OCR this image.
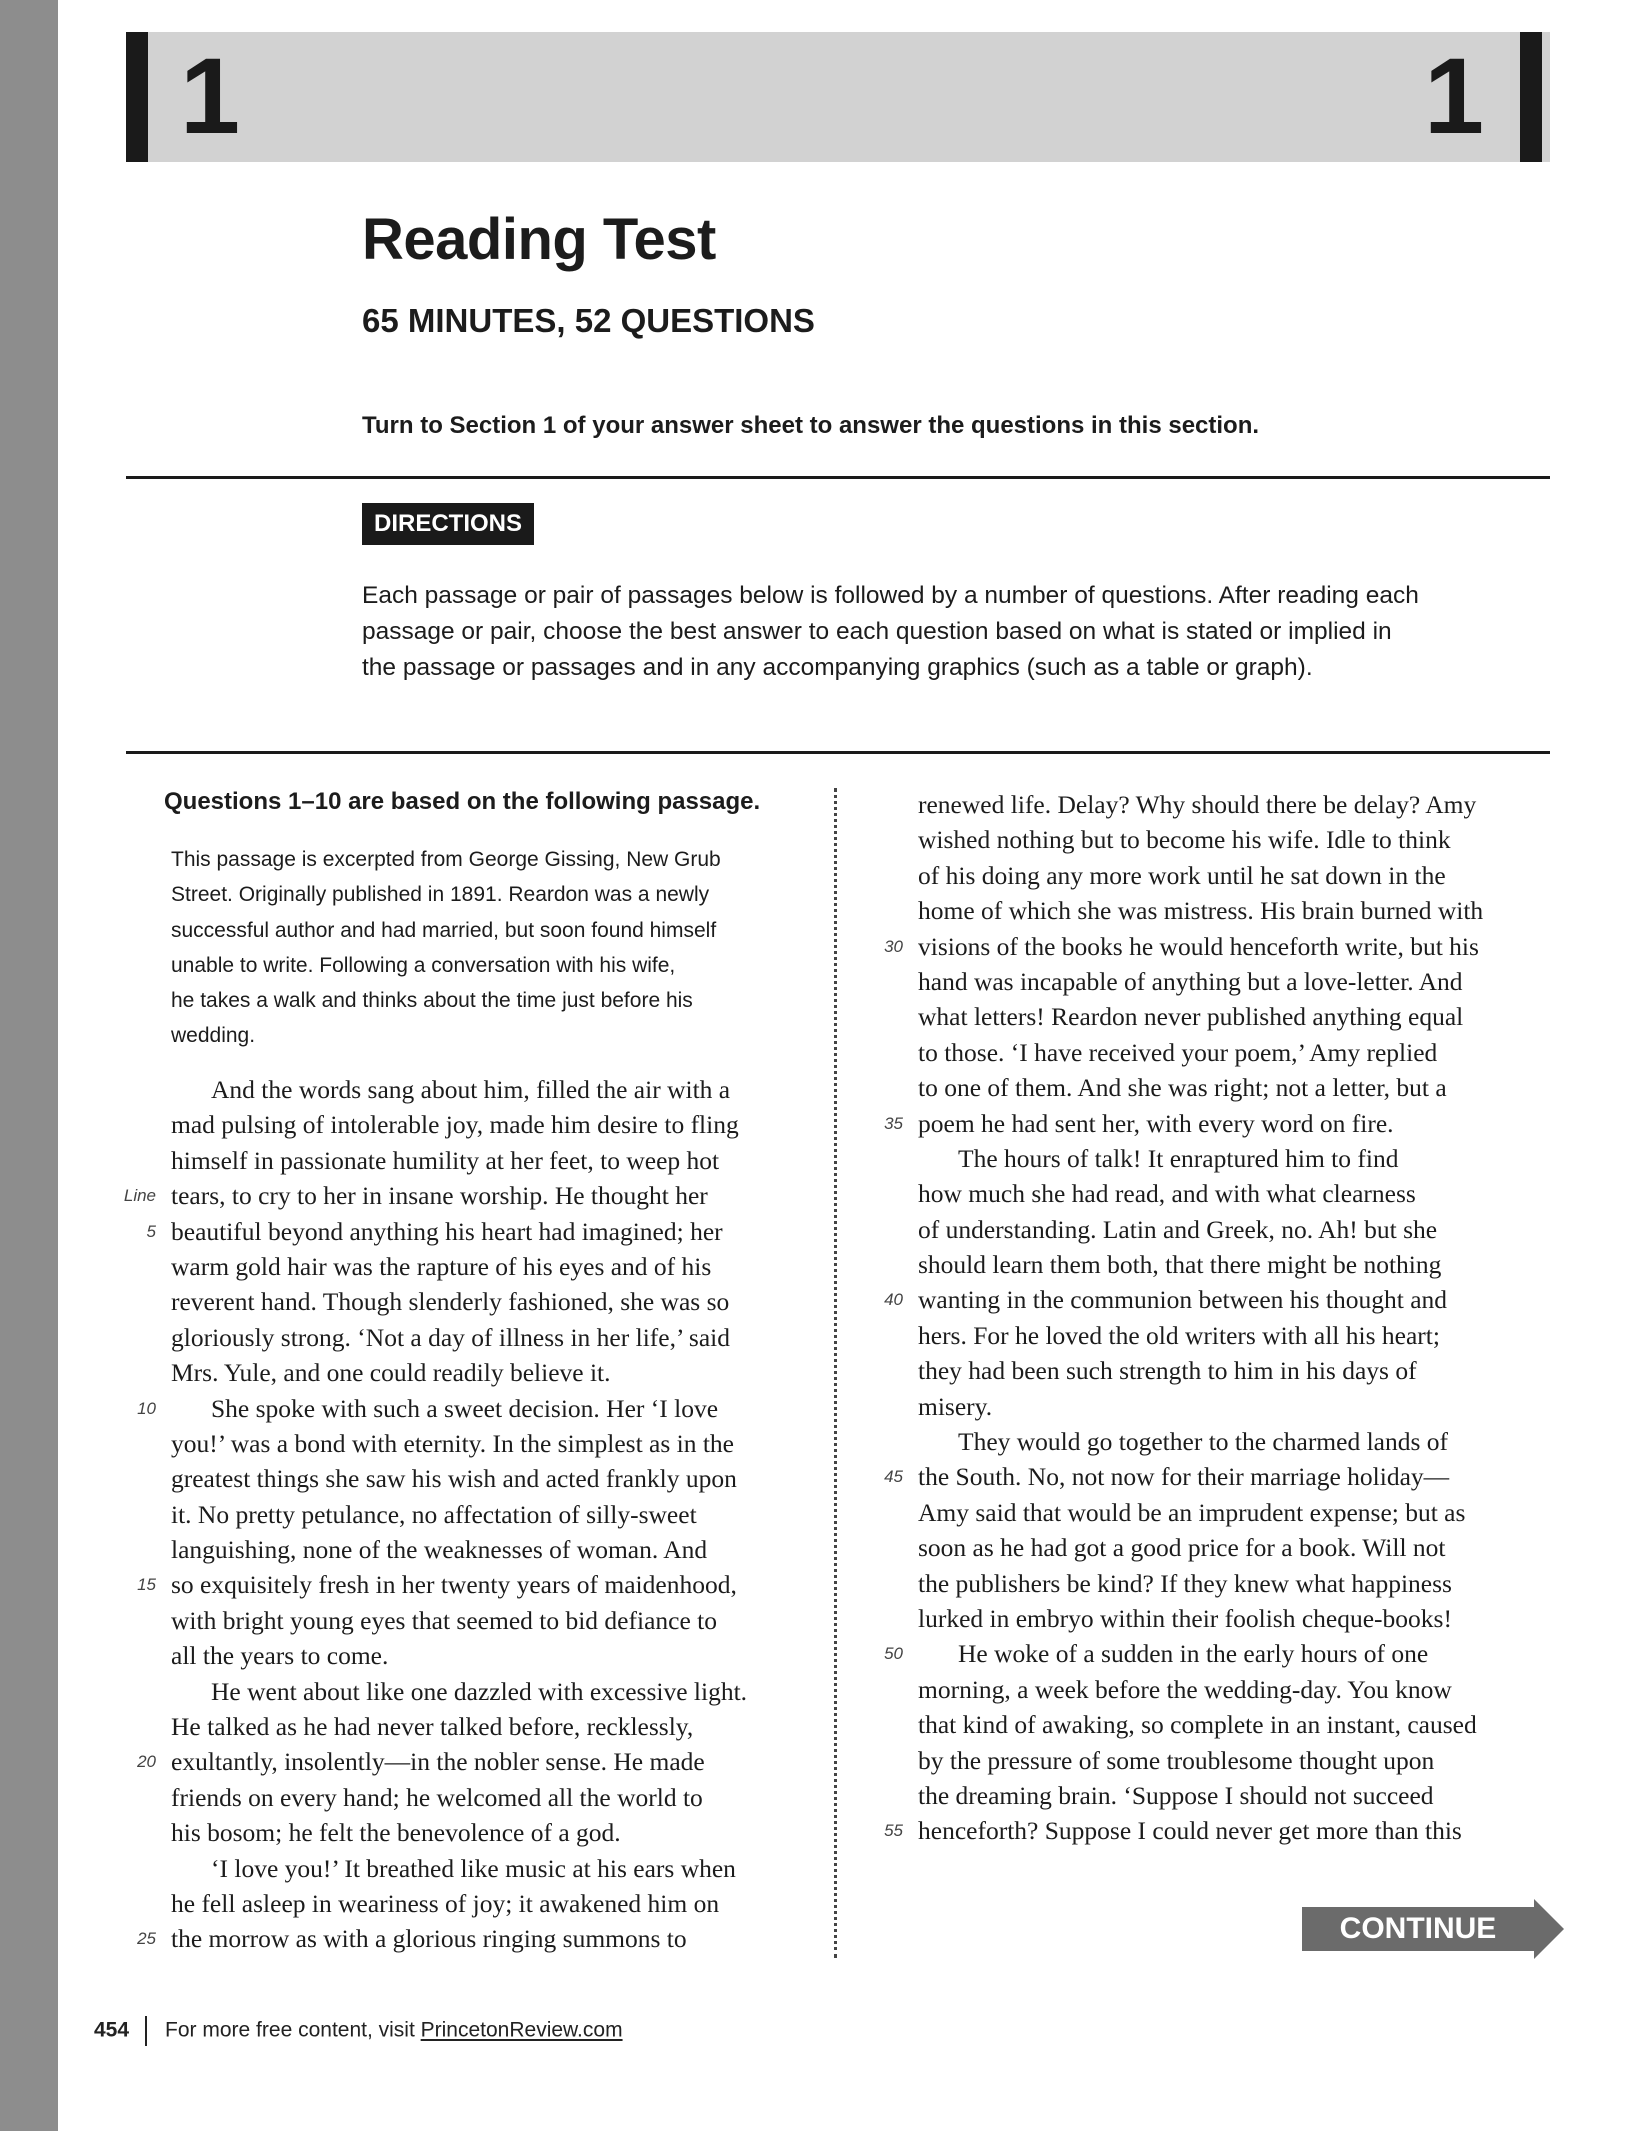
1	1
Reading Test
65 MINUTES, 52 QUESTIONS
Turn to Section 1 of your answer sheet to answer the questions in this section.
DIRECTIONS

Each passage or pair of passages below is followed by a number of questions. After reading each passage or pair, choose the best answer to each question based on what is stated or implied in the passage or passages and in any accompanying graphics (such as a table or graph).

Questions 1–10 are based on the following passage.
This passage is excerpted from George Gissing, New Grub
Street. Originally published in 1891. Reardon was a newly
successful author and had married, but soon found himself
unable to write. Following a conversation with his wife,
he takes a walk and thinks about the time just before his
wedding.
And the words sang about him, filled the air with a
mad pulsing of intolerable joy, made him desire to fling
himself in passionate humility at her feet, to weep hot
Line tears, to cry to her in insane worship. He thought her
5 beautiful beyond anything his heart had imagined; her
warm gold hair was the rapture of his eyes and of his
reverent hand. Though slenderly fashioned, she was so
gloriously strong. ‘Not a day of illness in her life,’ said
Mrs. Yule, and one could readily believe it.
10 She spoke with such a sweet decision. Her ‘I love
you!’ was a bond with eternity. In the simplest as in the
greatest things she saw his wish and acted frankly upon
it. No pretty petulance, no affectation of silly-sweet
languishing, none of the weaknesses of woman. And
15 so exquisitely fresh in her twenty years of maidenhood,
with bright young eyes that seemed to bid defiance to
all the years to come.
He went about like one dazzled with excessive light.
He talked as he had never talked before, recklessly,
20 exultantly, insolently—in the nobler sense. He made
friends on every hand; he welcomed all the world to
his bosom; he felt the benevolence of a god.
‘I love you!’ It breathed like music at his ears when
he fell asleep in weariness of joy; it awakened him on
25 the morrow as with a glorious ringing summons to
renewed life. Delay? Why should there be delay? Amy
wished nothing but to become his wife. Idle to think
of his doing any more work until he sat down in the
home of which she was mistress. His brain burned with
30 visions of the books he would henceforth write, but his
hand was incapable of anything but a love-letter. And
what letters! Reardon never published anything equal
to those. ‘I have received your poem,’ Amy replied
to one of them. And she was right; not a letter, but a
35 poem he had sent her, with every word on fire.
The hours of talk! It enraptured him to find
how much she had read, and with what clearness
of understanding. Latin and Greek, no. Ah! but she
should learn them both, that there might be nothing
40 wanting in the communion between his thought and
hers. For he loved the old writers with all his heart;
they had been such strength to him in his days of
misery.
They would go together to the charmed lands of
45 the South. No, not now for their marriage holiday—
Amy said that would be an imprudent expense; but as
soon as he had got a good price for a book. Will not
the publishers be kind? If they knew what happiness
lurked in embryo within their foolish cheque-books!
50 He woke of a sudden in the early hours of one
morning, a week before the wedding-day. You know
that kind of awaking, so complete in an instant, caused
by the pressure of some troublesome thought upon
the dreaming brain. ‘Suppose I should not succeed
55 henceforth? Suppose I could never get more than this
CONTINUE
454 For more free content, visit PrincetonReview.com
